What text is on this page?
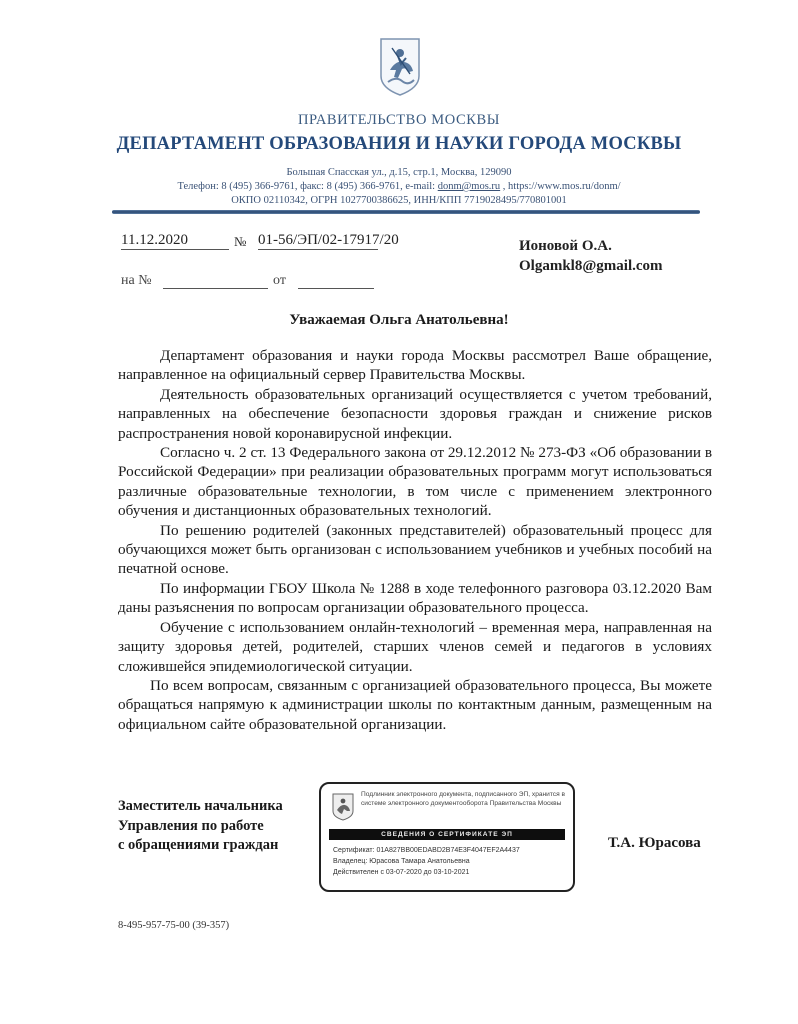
ПРАВИТЕЛЬСТВО МОСКВЫ
ДЕПАРТАМЕНТ ОБРАЗОВАНИЯ И НАУКИ ГОРОДА МОСКВЫ
Большая Спасская ул., д.15, стр.1, Москва, 129090
Телефон: 8 (495) 366-9761, факс: 8 (495) 366-9761, e-mail: donm@mos.ru , https://www.mos.ru/donm/
ОКПО 02110342, ОГРН 1027700386625, ИНН/КПП 7719028495/770801001
11.12.2020	№ 01-56/ЭП/02-17917/20
на №	от
Ионовой О.А.
Olgamkl8@gmail.com
Уважаемая Ольга Анатольевна!

Департамент образования и науки города Москвы рассмотрел Ваше обращение, направленное на официальный сервер Правительства Москвы.

Деятельность образовательных организаций осуществляется с учетом требований, направленных на обеспечение безопасности здоровья граждан и снижение рисков распространения новой коронавирусной инфекции.

Согласно ч. 2 ст. 13 Федерального закона от 29.12.2012 № 273-ФЗ «Об образовании в Российской Федерации» при реализации образовательных программ могут использоваться различные образовательные технологии, в том числе с применением электронного обучения и дистанционных образовательных технологий.

По решению родителей (законных представителей) образовательный процесс для обучающихся может быть организован с использованием учебников и учебных пособий на печатной основе.

По информации ГБОУ Школа № 1288 в ходе телефонного разговора 03.12.2020 Вам даны разъяснения по вопросам организации образовательного процесса.

Обучение с использованием онлайн-технологий – временная мера, направленная на защиту здоровья детей, родителей, старших членов семей и педагогов в условиях сложившейся эпидемиологической ситуации.

По всем вопросам, связанным с организацией образовательного процесса, Вы можете обращаться напрямую к администрации школы по контактным данным, размещенным на официальном сайте образовательной организации.

Заместитель начальника
Управления по работе
с обращениями граждан
Подлинник электронного документа, подписанного ЭП, хранится в системе электронного документооборота Правительства Москвы
СВЕДЕНИЯ О СЕРТИФИКАТЕ ЭП
Сертификат: 01A827BB00EDABD2B74E3F4047EF2A4437
Владелец: Юрасова Тамара Анатольевна
Действителен с 03-07-2020 до 03-10-2021
Т.А. Юрасова
8-495-957-75-00 (39-357)
